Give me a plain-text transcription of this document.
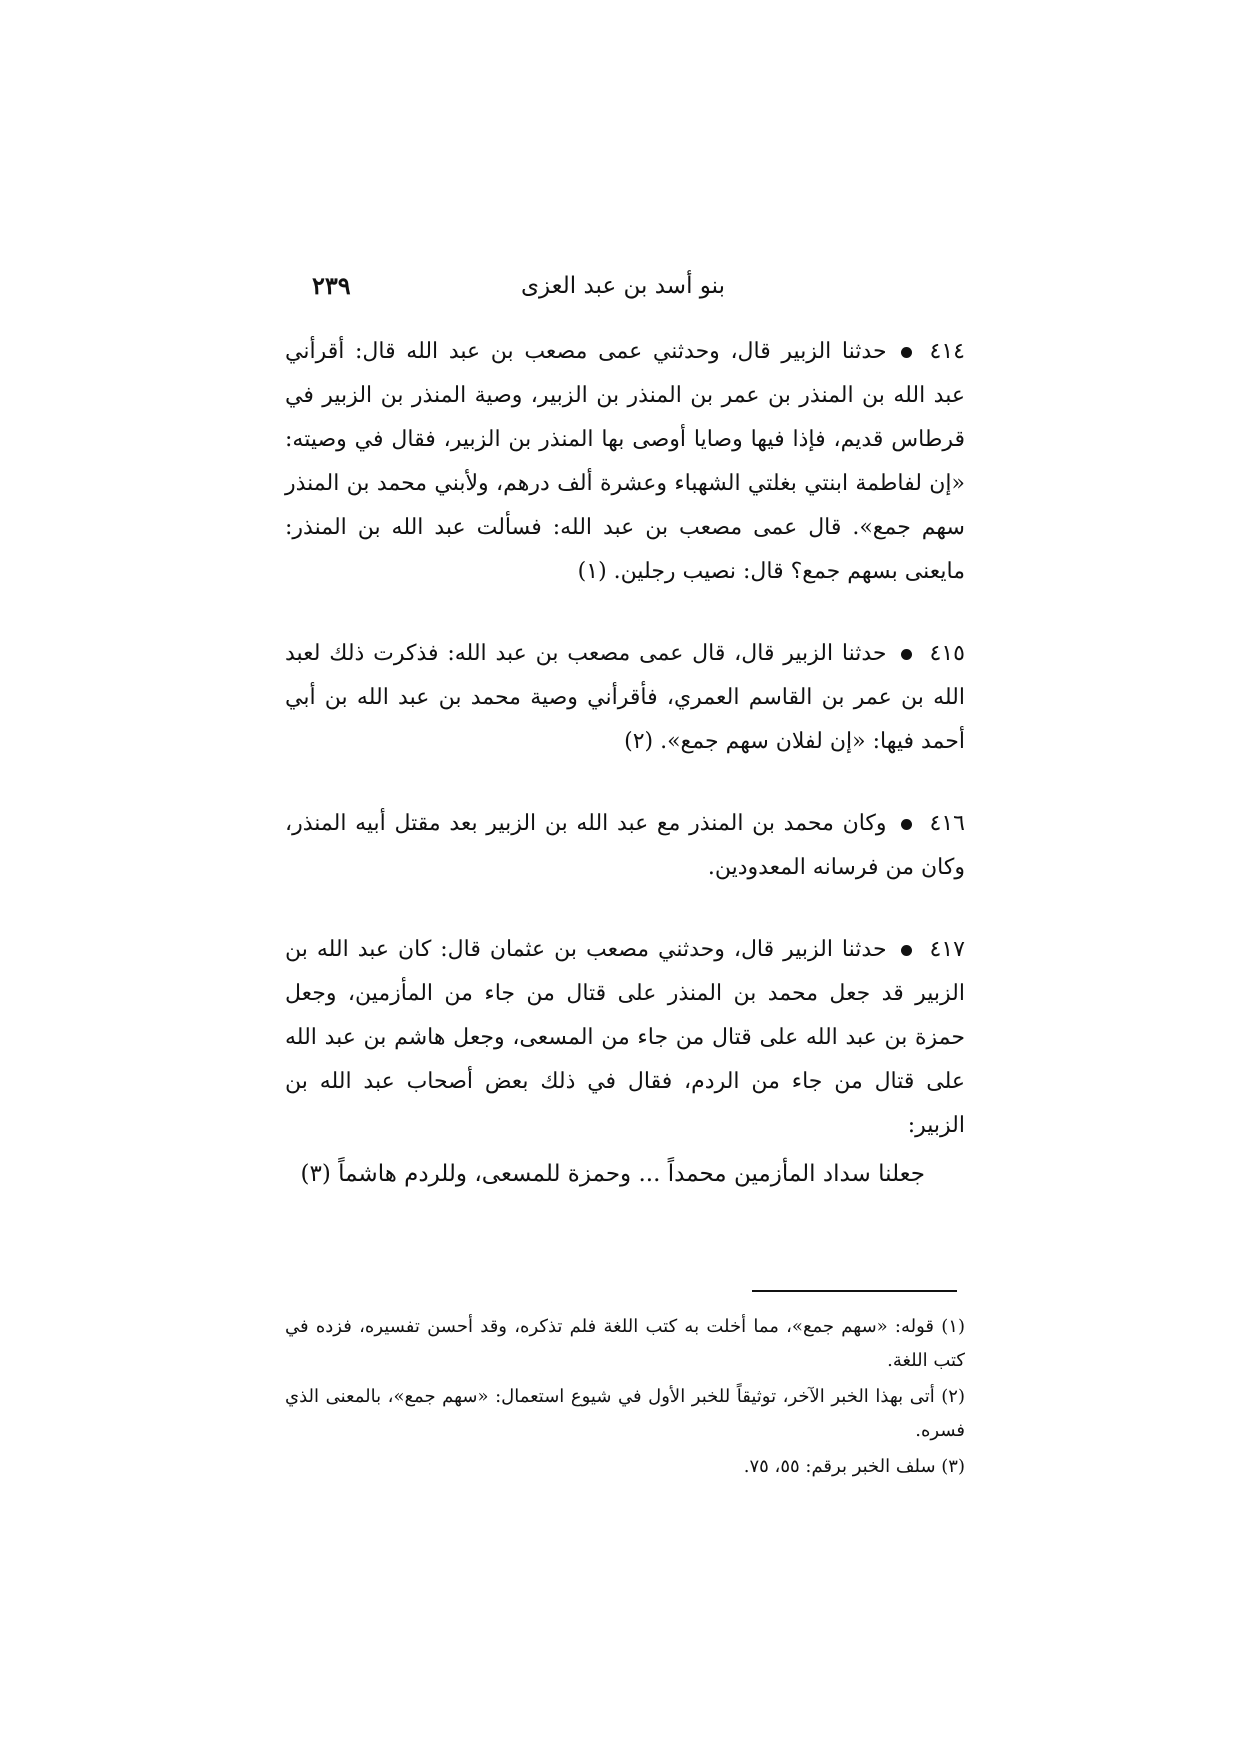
بنو أسد بن عبد العزى
٢٣٩

٤١٤حدثنا الزبير قال، وحدثني عمى مصعب بن عبد الله قال: أقرأني عبد الله بن المنذر بن عمر بن المنذر بن الزبير، وصية المنذر بن الزبير في قرطاس قديم، فإذا فيها وصايا أوصى بها المنذر بن الزبير، فقال في وصيته: «إن لفاطمة ابنتي بغلتي الشهباء وعشرة ألف درهم، ولأبني محمد بن المنذر سهم جمع». قال عمى مصعب بن عبد الله: فسألت عبد الله بن المنذر: مايعنى بسهم جمع؟ قال: نصيب رجلين. (١)

٤١٥حدثنا الزبير قال، قال عمى مصعب بن عبد الله: فذكرت ذلك لعبد الله بن عمر بن القاسم العمري، فأقرأني وصية محمد بن عبد الله بن أبي أحمد فيها: «إن لفلان سهم جمع». (٢)

٤١٦وكان محمد بن المنذر مع عبد الله بن الزبير بعد مقتل أبيه المنذر، وكان من فرسانه المعدودين.

٤١٧حدثنا الزبير قال، وحدثني مصعب بن عثمان قال: كان عبد الله بن الزبير قد جعل محمد بن المنذر على قتال من جاء من المأزمين، وجعل حمزة بن عبد الله على قتال من جاء من المسعى، وجعل هاشم بن عبد الله على قتال من جاء من الردم، فقال في ذلك بعض أصحاب عبد الله بن الزبير:

جعلنا سداد المأزمين محمداً ... وحمزة للمسعى، وللردم هاشماً (٣)

(١) قوله: «سهم جمع»، مما أخلت به كتب اللغة فلم تذكره، وقد أحسن تفسيره، فزده في كتب اللغة.

(٢) أتى بهذا الخبر الآخر، توثيقاً للخبر الأول في شيوع استعمال: «سهم جمع»، بالمعنى الذي فسره.

(٣) سلف الخبر برقم: ٥٥، ٧٥.
